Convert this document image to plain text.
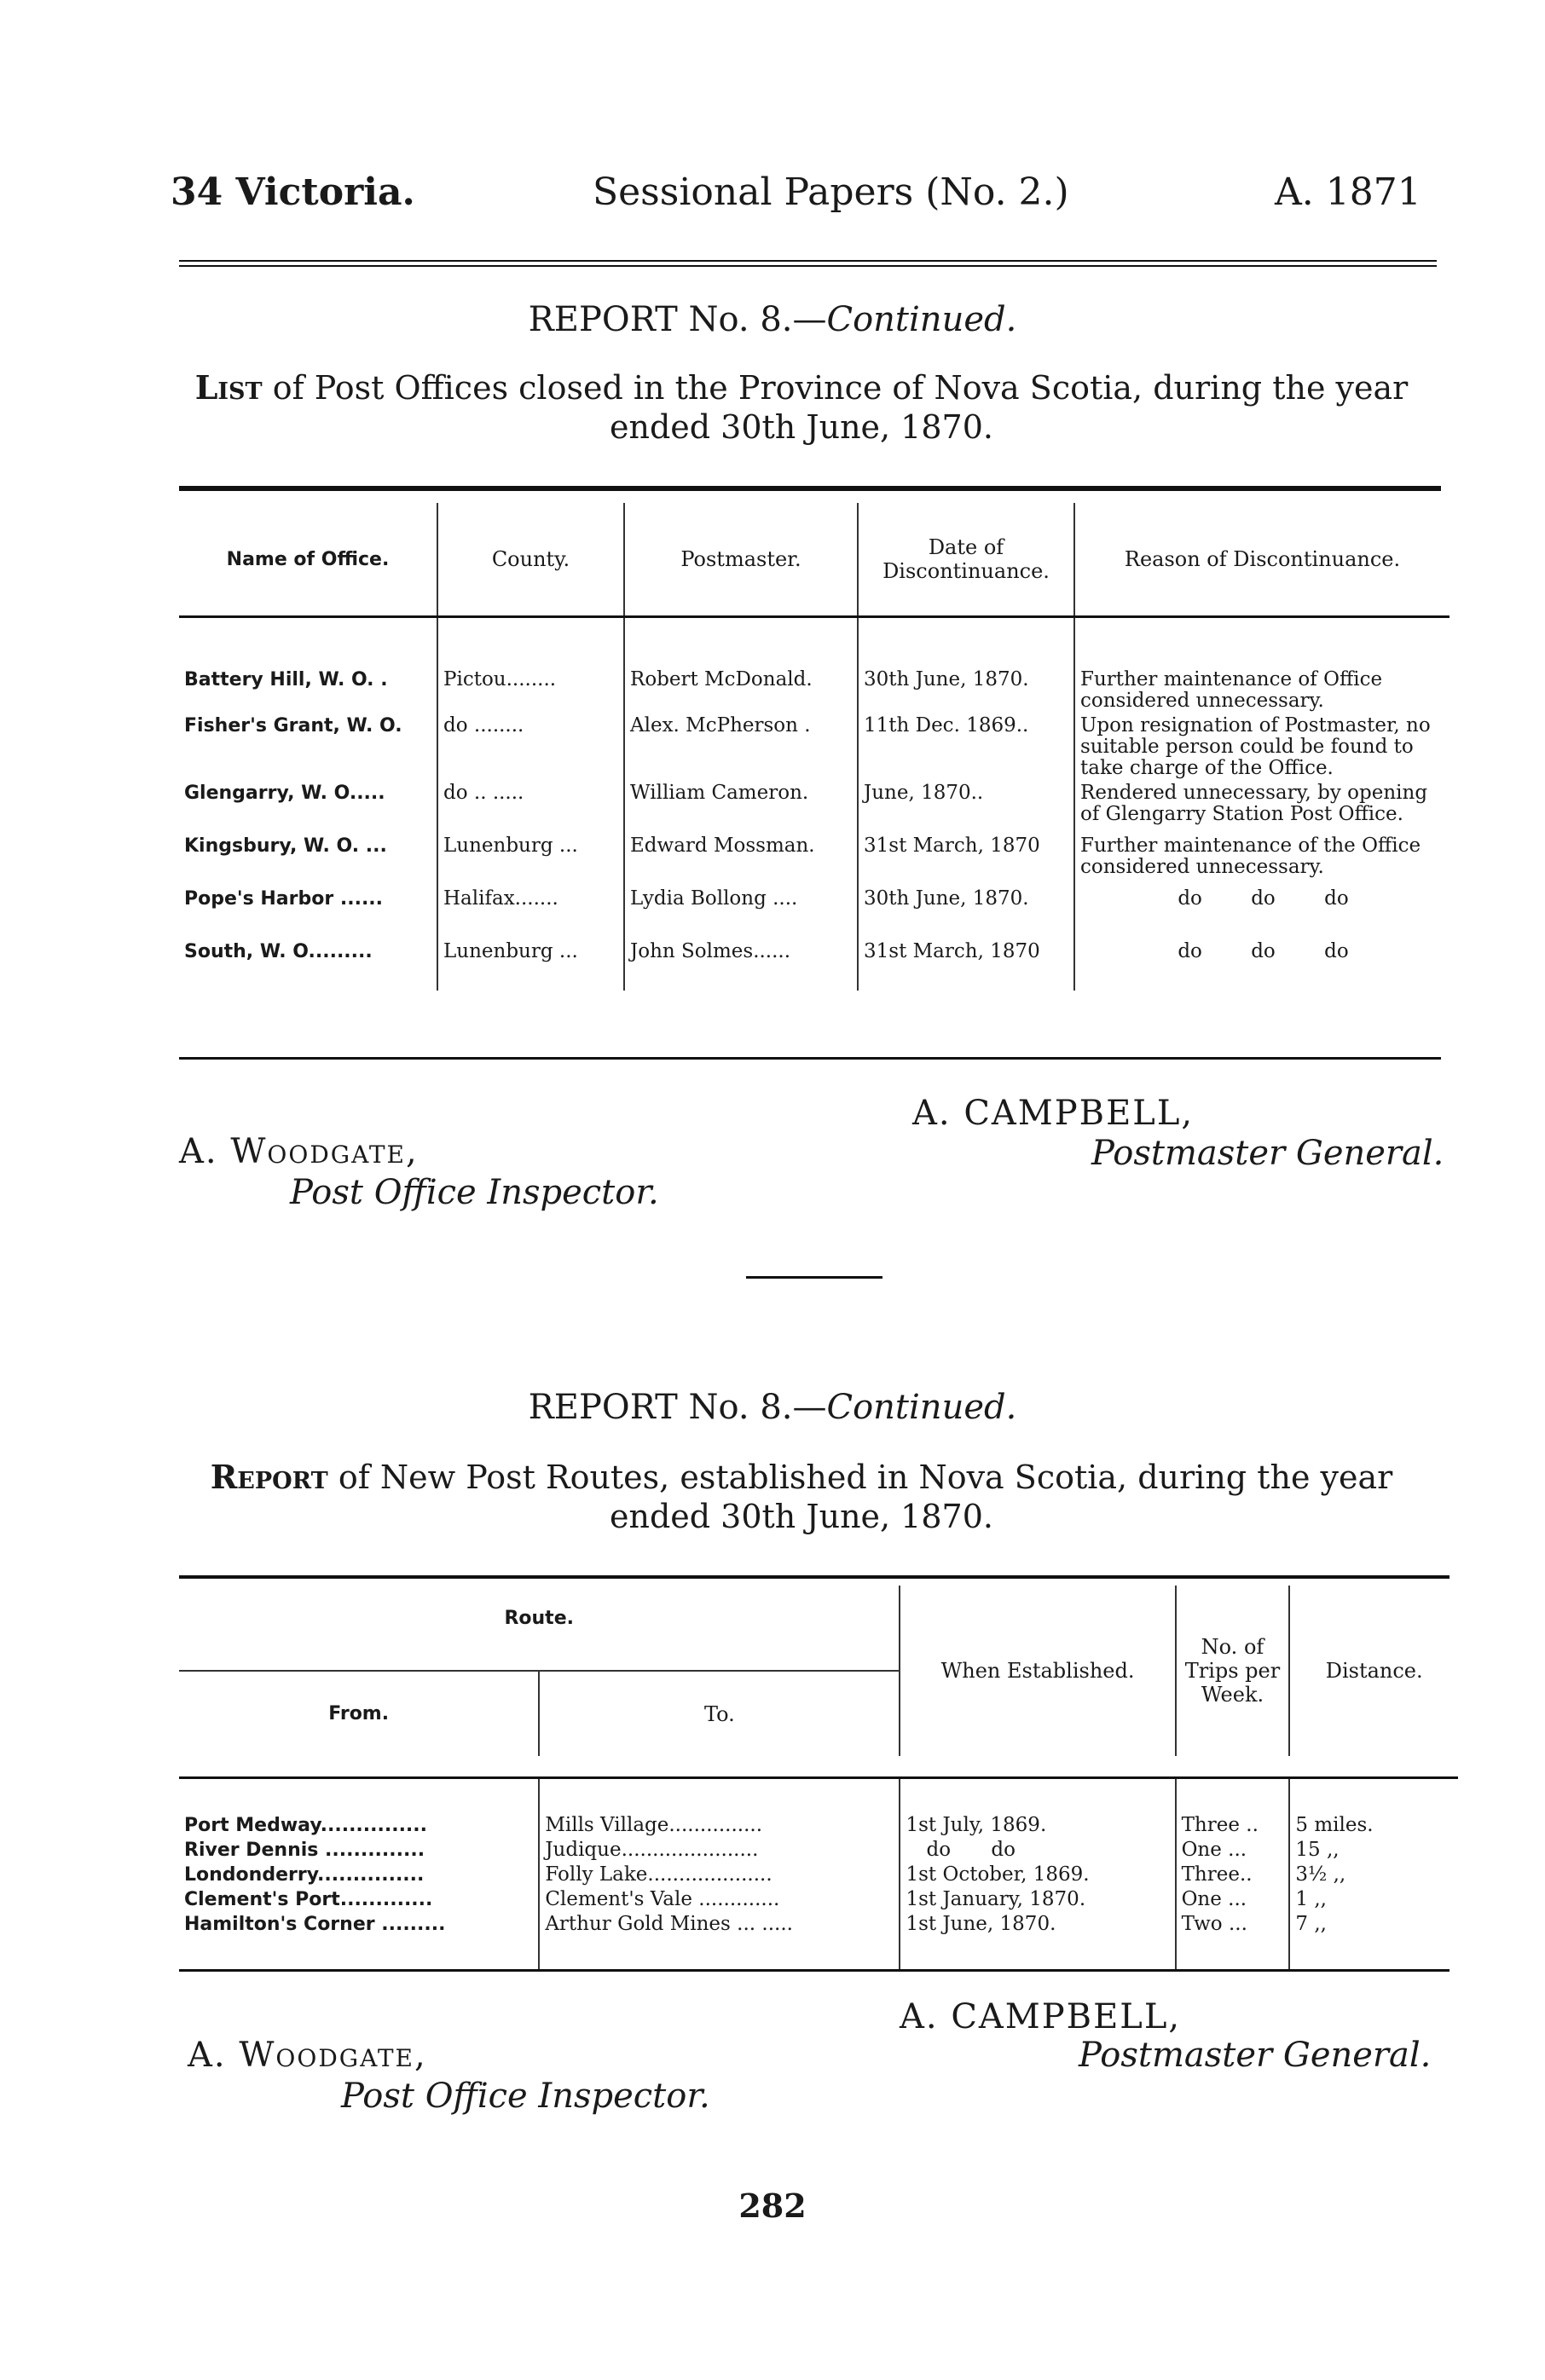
34 Victoria.	Sessional Papers (No. 2.)	A. 1871
REPORT No. 8.—Continued.
List of Post Offices closed in the Province of Nova Scotia, during the year ended 30th June, 1870.
Name of Office.	County.	Postmaster.	Date of Discontinuance.	Reason of Discontinuance.
Battery Hill, W. O. .	Pictou........	Robert McDonald.	30th June, 1870.	Further maintenance of Office considered unnecessary.
Fisher's Grant, W. O.	do ........	Alex. McPherson .	11th Dec. 1869..	Upon resignation of Postmaster, no suitable person could be found to take charge of the Office.
Glengarry, W. O.....	do .. .....	William Cameron.	June, 1870..	Rendered unnecessary, by opening of Glengarry Station Post Office.
Kingsbury, W. O. ...	Lunenburg ...	Edward Mossman.	31st March, 1870	Further maintenance of the Office considered unnecessary.
Pope's Harbor ......	Halifax.......	Lydia Bollong ....	30th June, 1870.	do do do
South, W. O.........	Lunenburg ...	John Solmes......	31st March, 1870	do do do
A. CAMPBELL,
Postmaster General.
A. Woodgate,
Post Office Inspector.
REPORT No. 8.—Continued.
Report of New Post Routes, established in Nova Scotia, during the year ended 30th June, 1870.
Route.		When Established.	No. of Trips per Week.	Distance.
From.	To.			

Port Medway...............	Mills Village...............	1st July, 1869.	Three ..	5 miles.
River Dennis ..............	Judique......................	do do	One ...	15 ,,
Londonderry...............	Folly Lake....................	1st October, 1869.	Three..	3½ ,,
Clement's Port.............	Clement's Vale .............	1st January, 1870.	One ...	1 ,,
Hamilton's Corner .........	Arthur Gold Mines ... .....	1st June, 1870.	Two ...	7 ,,
A. CAMPBELL,
Postmaster General.
A. Woodgate,
Post Office Inspector.
282
